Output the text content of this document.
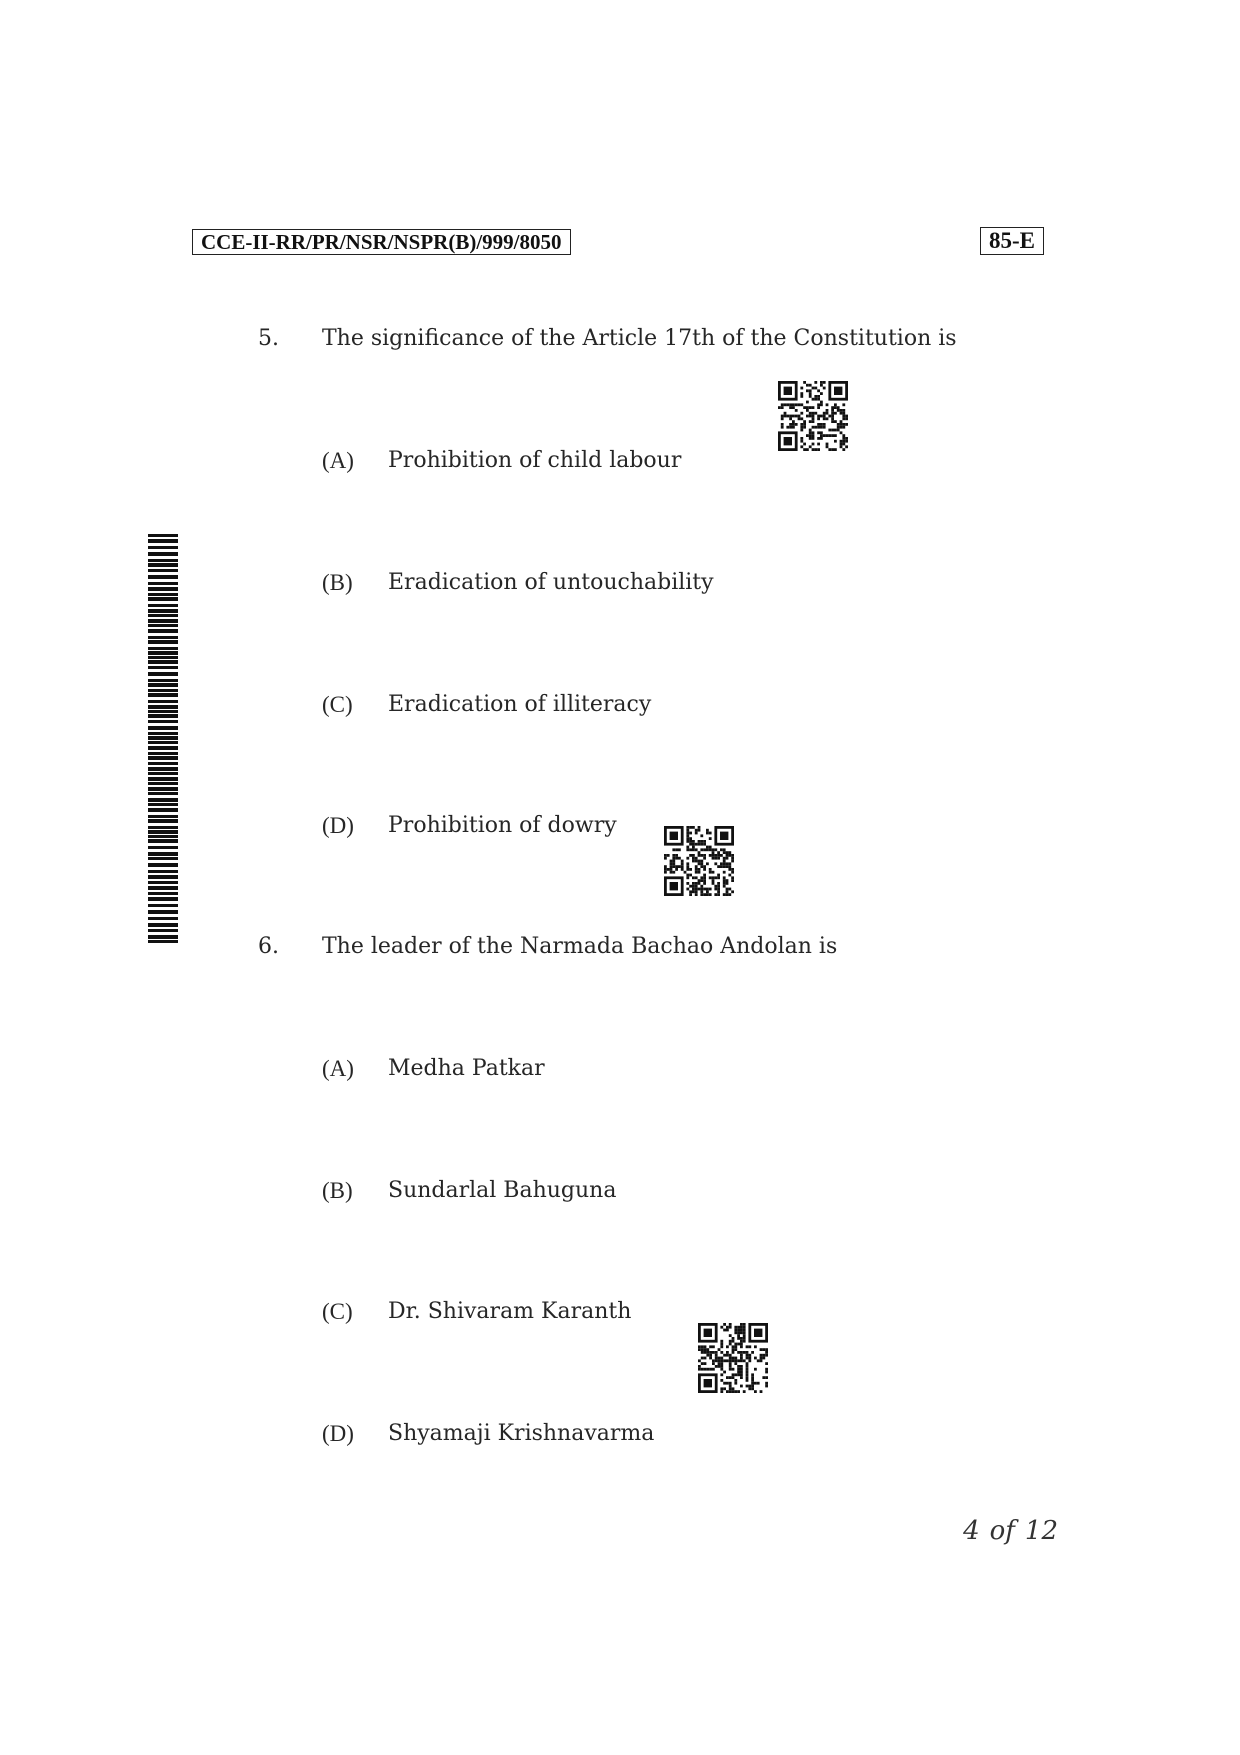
CCE-II-RR/PR/NSR/NSPR(B)/999/8050	85-E
5. The significance of the Article 17th of the Constitution is
(A) Prohibition of child labour
(B) Eradication of untouchability
(C) Eradication of illiteracy
(D) Prohibition of dowry
6. The leader of the Narmada Bachao Andolan is
(A) Medha Patkar
(B) Sundarlal Bahuguna
(C) Dr. Shivaram Karanth
(D) Shyamaji Krishnavarma
4 of 12
